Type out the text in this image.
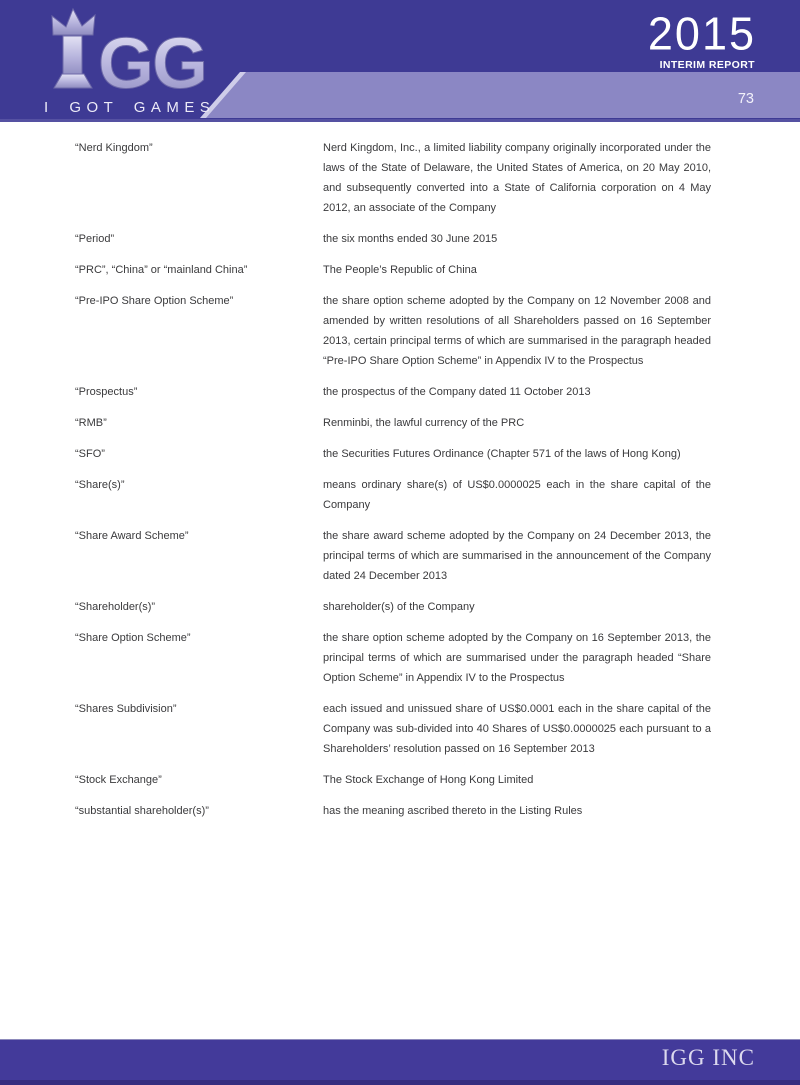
GG
I GOT GAMES
2015
INTERIM REPORT
73
“Nerd Kingdom”	Nerd Kingdom, Inc., a limited liability company originally incorporated under the laws of the State of Delaware, the United States of America, on 20 May 2010, and subsequently converted into a State of California corporation on 4 May 2012, an associate of the Company
“Period”	the six months ended 30 June 2015
“PRC”, “China” or “mainland China”	The People’s Republic of China
“Pre-IPO Share Option Scheme”	the share option scheme adopted by the Company on 12 November 2008 and amended by written resolutions of all Shareholders passed on 16 September 2013, certain principal terms of which are summarised in the paragraph headed “Pre-IPO Share Option Scheme” in Appendix IV to the Prospectus
“Prospectus”	the prospectus of the Company dated 11 October 2013
“RMB”	Renminbi, the lawful currency of the PRC
“SFO”	the Securities Futures Ordinance (Chapter 571 of the laws of Hong Kong)
“Share(s)”	means ordinary share(s) of US$0.0000025 each in the share capital of the Company
“Share Award Scheme”	the share award scheme adopted by the Company on 24 December 2013, the principal terms of which are summarised in the announcement of the Company dated 24 December 2013
“Shareholder(s)”	shareholder(s) of the Company
“Share Option Scheme”	the share option scheme adopted by the Company on 16 September 2013, the principal terms of which are summarised under the paragraph headed “Share Option Scheme” in Appendix IV to the Prospectus
“Shares Subdivision”	each issued and unissued share of US$0.0001 each in the share capital of the Company was sub-divided into 40 Shares of US$0.0000025 each pursuant to a Shareholders’ resolution passed on 16 September 2013
“Stock Exchange”	The Stock Exchange of Hong Kong Limited
“substantial shareholder(s)”	has the meaning ascribed thereto in the Listing Rules
IGG INC
